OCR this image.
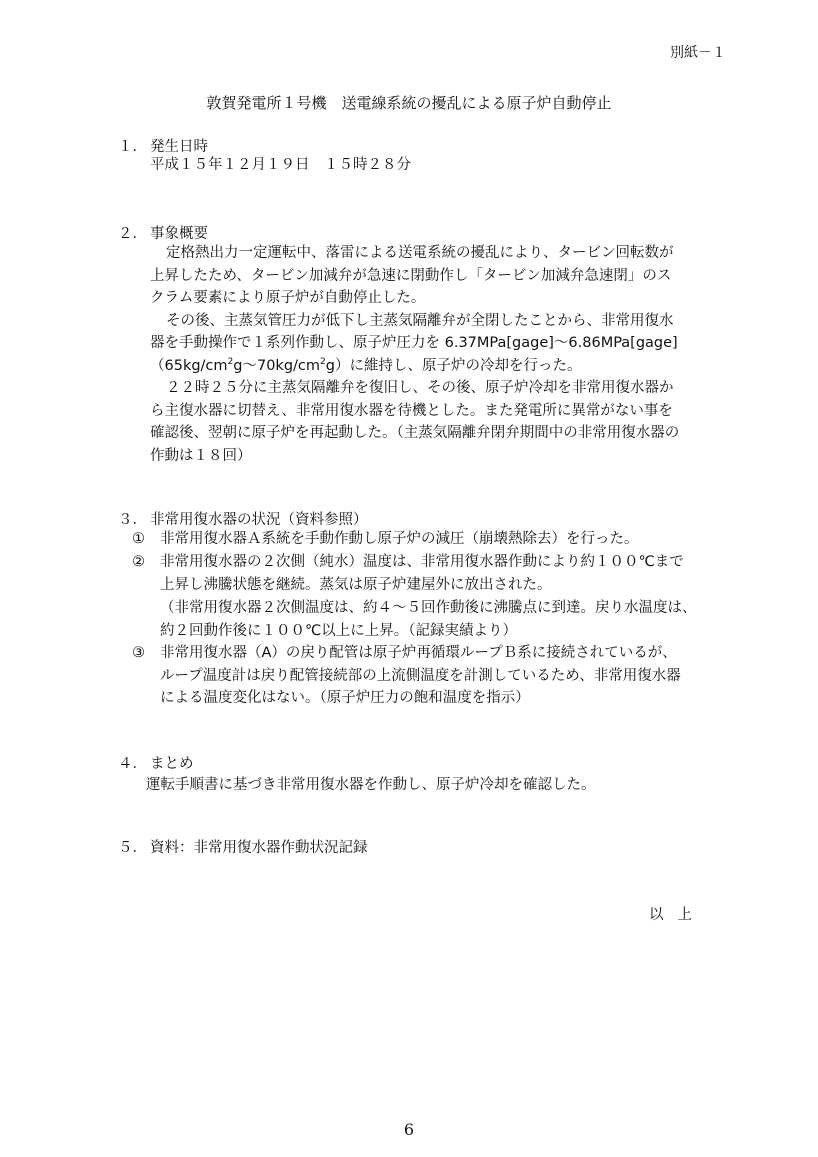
別紙－１
敦賀発電所１号機　送電線系統の擾乱による原子炉自動停止
１． 発生日時
平成１５年１２月１９日　１５時２８分
２． 事象概要

定格熱出力一定運転中、落雷による送電系統の擾乱により、タービン回転数が

上昇したため、タービン加減弁が急速に閉動作し「タービン加減弁急速閉」のス

クラム要素により原子炉が自動停止した。

その後、主蒸気管圧力が低下し主蒸気隔離弁が全閉したことから、非常用復水

器を手動操作で１系列作動し、原子炉圧力を 6.37MPa[gage]～6.86MPa[gage]

$(65kg/cm^2g\sim 70kg/cm^2g)$に維持し、原子炉の冷却を行った。

２２時２５分に主蒸気隔離弁を復旧し、その後、原子炉冷却を非常用復水器か

ら主復水器に切替え、非常用復水器を待機とした。また発電所に異常がない事を

確認後、翌朝に原子炉を再起動した。（主蒸気隔離弁閉弁期間中の非常用復水器の

作動は１８回）

３． 非常用復水器の状況（資料参照）
①	非常用復水器Ａ系統を手動作動し原子炉の減圧（崩壊熱除去）を行った。
②	非常用復水器の２次側（純水）温度は、非常用復水器作動により約１００℃まで
上昇し沸騰状態を継続。蒸気は原子炉建屋外に放出された。
（非常用復水器２次側温度は、約４～５回作動後に沸騰点に到達。戻り水温度は、
約２回動作後に１００℃以上に上昇。（記録実績より）
③	非常用復水器（A）の戻り配管は原子炉再循環ループＢ系に接続されているが、
ループ温度計は戻り配管接続部の上流側温度を計測しているため、非常用復水器
による温度変化はない。（原子炉圧力の飽和温度を指示）
４． まとめ
運転手順書に基づき非常用復水器を作動し、原子炉冷却を確認した。
５． 資料：非常用復水器作動状況記録
以上
6
